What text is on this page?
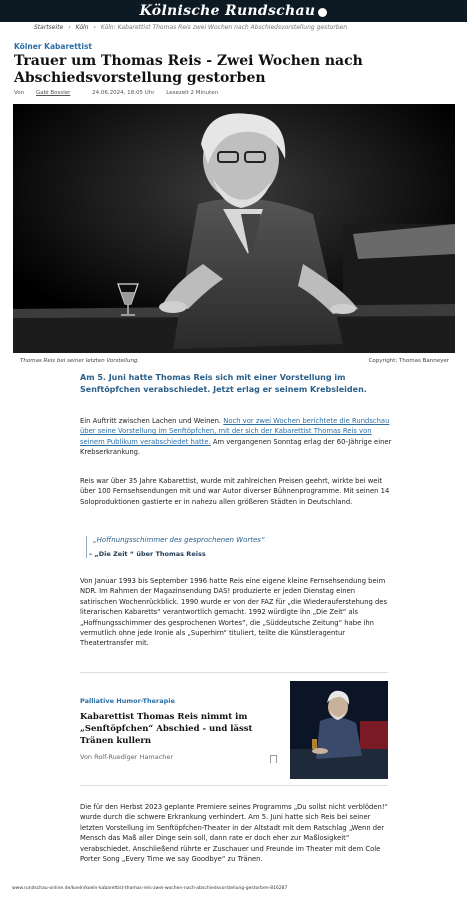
Kölnische Rundschau
Startseite › Köln › Köln: Kabarettist Thomas Reis zwei Wochen nach Abschiedsvorstellung gestorben
Kölner Kabarettist
Trauer um Thomas Reis - Zwei Wochen nach Abschiedsvorstellung gestorben
Von Gabi Bossler	24.06.2024, 18:05 Uhr Lesezeit 2 Minuten
Thomas Reis bei seiner letzten Vorstellung.	Copyright: Thomas Banneyer

Am 5. Juni hatte Thomas Reis sich mit einer Vorstellung im Senftöpfchen verabschiedet. Jetzt erlag er seinem Krebsleiden.

Ein Auftritt zwischen Lachen und Weinen. Noch vor zwei Wochen berichtete die Rundschau über seine Vorstellung im Senftöpfchen, mit der sich der Kabarettist Thomas Reis von seinem Publikum verabschiedet hatte. Am vergangenen Sonntag erlag der 60-Jährige einer Krebserkrankung.

Reis war über 35 Jahre Kabarettist, wurde mit zahlreichen Preisen geehrt, wirkte bei weit über 100 Fernsehsendungen mit und war Autor diverser Bühnenprogramme. Mit seinen 14 Soloproduktionen gastierte er in nahezu allen größeren Städten in Deutschland.

„Hoffnungsschimmer des gesprochenen Wortes“

– „Die Zeit “ über Thomas Reiss

Von Januar 1993 bis September 1996 hatte Reis eine eigene kleine Fernsehsendung beim NDR. Im Rahmen der Magazinsendung DAS! produzierte er jeden Dienstag einen satirischen Wochenrückblick. 1990 wurde er von der FAZ für „die Wiederauferstehung des literarischen Kabaretts“ verantwortlich gemacht. 1992 würdigte ihn „Die Zeit“ als „Hoffnungsschimmer des gesprochenen Wortes“, die „Süddeutsche Zeitung“ habe ihn vermutlich ohne jede Ironie als „Superhirn“ tituliert, teilte die Künstleragentur Theatertransfer mit.

Palliative Humor-Therapie
Kabarettist Thomas Reis nimmt im „Senftöpfchen“ Abschied - und lässt Tränen kullern
Von Rolf-Ruediger Hamacher

Die für den Herbst 2023 geplante Premiere seines Programms „Du sollst nicht verblöden!“ wurde durch die schwere Erkrankung verhindert. Am 5. Juni hatte sich Reis bei seiner letzten Vorstellung im Senftöpfchen-Theater in der Altstadt mit dem Ratschlag „Wenn der Mensch das Maß aller Dinge sein soll, dann rate er doch eher zur Maßlosigkeit“ verabschiedet. Anschließend rührte er Zuschauer und Freunde im Theater mit dem Cole Porter Song „Every Time we say Goodbye“ zu Tränen.

www.rundschau-online.de/koeln/koeln-kabarettist-thomas-reis-zwei-wochen-nach-abschiedsvorstellung-gestorben-816287
